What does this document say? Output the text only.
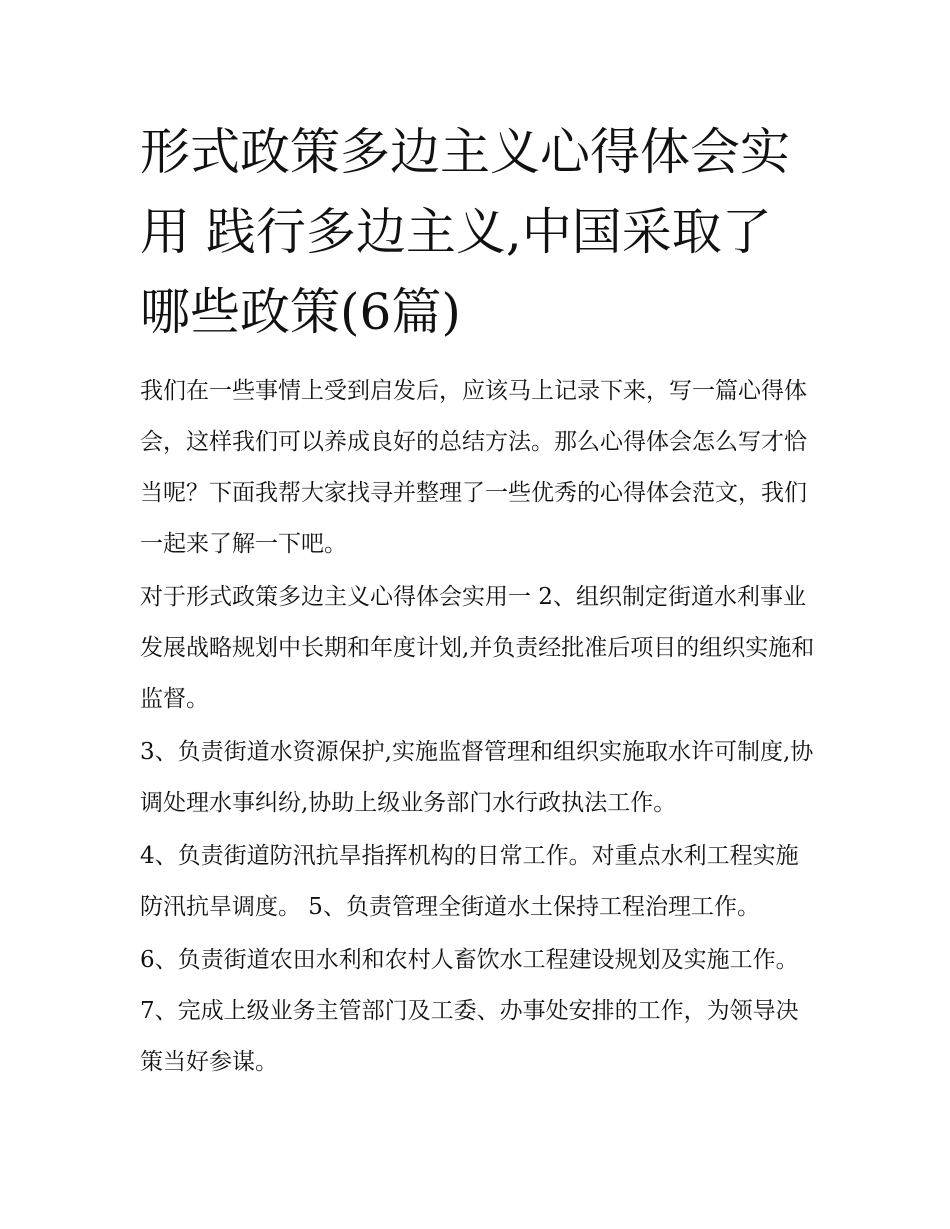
形式政策多边主义心得体会实用 践行多边主义,中国采取了哪些政策(6篇)

我们在一些事情上受到启发后，应该马上记录下来，写一篇心得体会，这样我们可以养成良好的总结方法。那么心得体会怎么写才恰当呢？下面我帮大家找寻并整理了一些优秀的心得体会范文，我们一起来了解一下吧。

对于形式政策多边主义心得体会实用一 2、组织制定街道水利事业发展战略规划中长期和年度计划,并负责经批准后项目的组织实施和监督。

3、负责街道水资源保护,实施监督管理和组织实施取水许可制度,协调处理水事纠纷,协助上级业务部门水行政执法工作。

4、负责街道防汛抗旱指挥机构的日常工作。对重点水利工程实施防汛抗旱调度。 5、负责管理全街道水土保持工程治理工作。

6、负责街道农田水利和农村人畜饮水工程建设规划及实施工作。 7、完成上级业务主管部门及工委、办事处安排的工作，为领导决策当好参谋。
